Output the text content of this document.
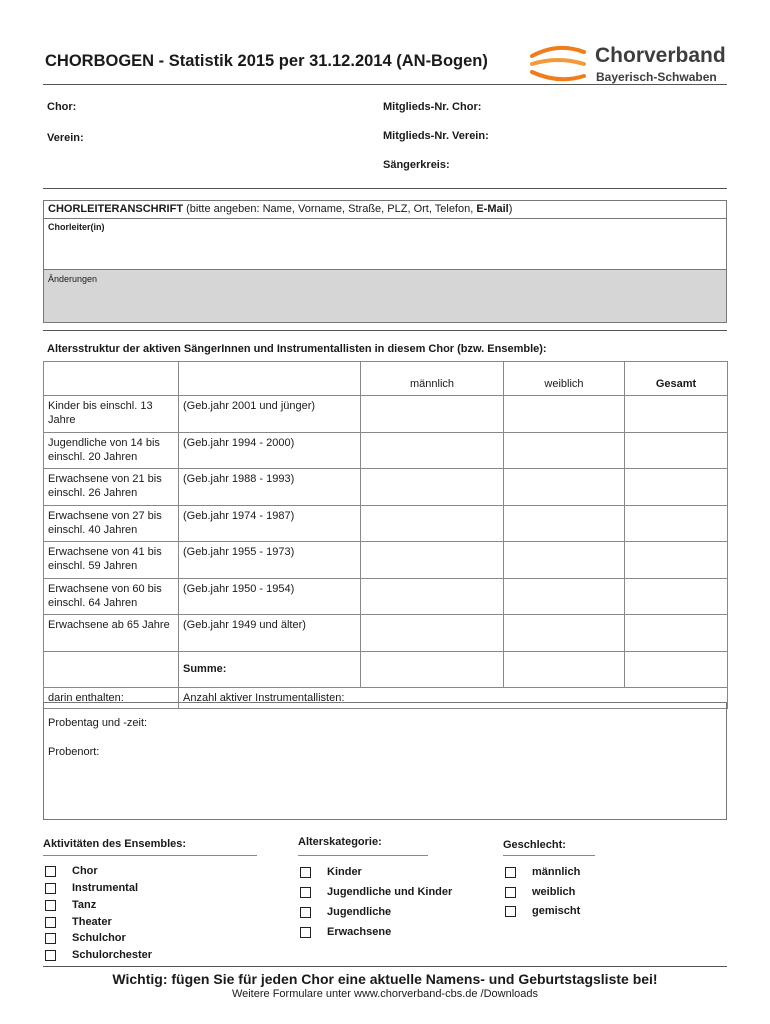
CHORBOGEN - Statistik 2015 per 31.12.2014 (AN-Bogen)	Chorverband
Bayerisch-Schwaben
Chor:
Verein:
Mitglieds-Nr. Chor:
Mitglieds-Nr. Verein:
Sängerkreis:
CHORLEITERANSCHRIFT (bitte angeben: Name, Vorname, Straße, PLZ, Ort, Telefon, E-Mail)
Chorleiter(in)
Änderungen
Altersstruktur der aktiven SängerInnen und Instrumentallisten in diesem Chor (bzw. Ensemble):
		männlich	weiblich	Gesamt
Kinder bis einschl. 13 Jahre	(Geb.jahr 2001 und jünger)			
Jugendliche von 14 bis einschl. 20 Jahren	(Geb.jahr 1994 - 2000)			
Erwachsene von 21 bis einschl. 26 Jahren	(Geb.jahr 1988 - 1993)			
Erwachsene von 27 bis einschl. 40 Jahren	(Geb.jahr 1974 - 1987)			
Erwachsene von 41 bis einschl. 59 Jahren	(Geb.jahr 1955 - 1973)			
Erwachsene von 60 bis einschl. 64 Jahren	(Geb.jahr 1950 - 1954)			
Erwachsene ab 65 Jahre	(Geb.jahr 1949 und älter)			
	Summe:			
darin enthalten:	Anzahl aktiver Instrumentallisten:			
Probentag und -zeit:
Probenort:
Aktivitäten des Ensembles:
Chor
Instrumental
Tanz
Theater
Schulchor
Schulorchester
Alterskategorie:
Kinder
Jugendliche und Kinder
Jugendliche
Erwachsene
Geschlecht:
männlich
weiblich
gemischt
Wichtig: fügen Sie für jeden Chor eine aktuelle Namens- und Geburtstagsliste bei!
Weitere Formulare unter www.chorverband-cbs.de /Downloads
